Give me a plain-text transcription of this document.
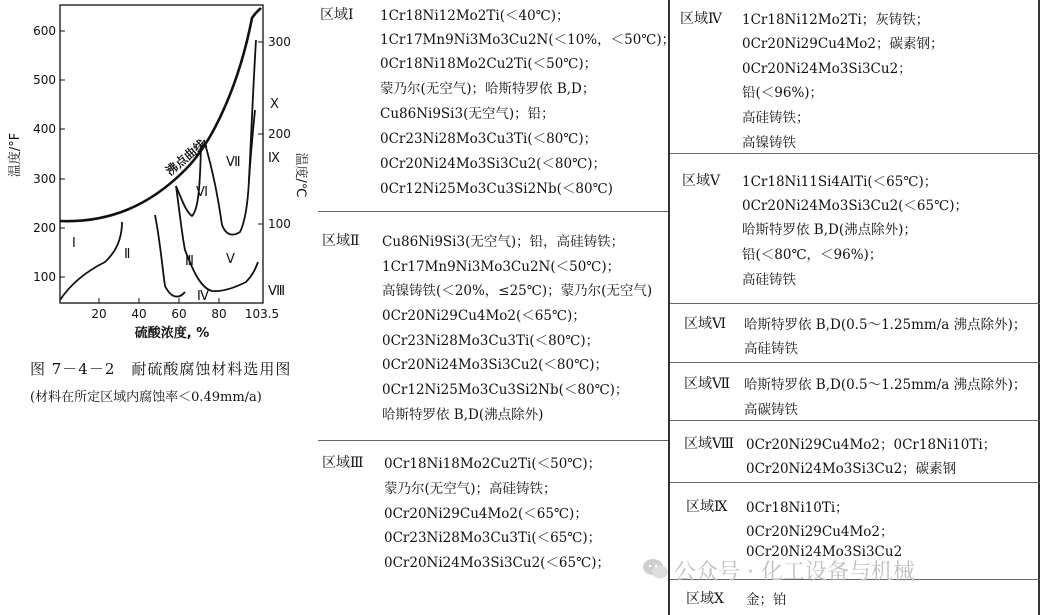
600
500
400
300
200
100
温度/°F
300
200
100
温度/℃
20 40 60 80 103.5
硫酸浓度, %
沸点曲线
Ⅰ
Ⅱ	Ⅲ
Ⅳ
Ⅴ
Ⅵ
Ⅶ
Ⅷ
Ⅸ
Ⅹ
图 7－4－2　耐硫酸腐蚀材料选用图
(材料在所定区域内腐蚀率＜0.49mm/a)
区域Ⅰ 1Cr18Ni12Mo2Ti(＜40℃)；
1Cr17Mn9Ni3Mo3Cu2N(＜10%，＜50℃)；
0Cr18Ni18Mo2Cu2Ti(＜50℃)；
蒙乃尔(无空气)；哈斯特罗依 B,D；
Cu86Ni9Si3(无空气)；铅；
0Cr23Ni28Mo3Cu3Ti(＜80℃)；
0Cr20Ni24Mo3Si3Cu2(＜80℃)；
0Cr12Ni25Mo3Cu3Si2Nb(＜80℃)
区域Ⅱ Cu86Ni9Si3(无空气)；铅，高硅铸铁；
1Cr17Mn9Ni3Mo3Cu2N(＜50℃)；
高镍铸铁(＜20%，≤25℃)；蒙乃尔(无空气)
0Cr20Ni29Cu4Mo2(＜65℃)；
0Cr23Ni28Mo3Cu3Ti(＜80℃)；
0Cr20Ni24Mo3Si3Cu2(＜80℃)；
0Cr12Ni25Mo3Cu3Si2Nb(＜80℃)；
哈斯特罗依 B,D(沸点除外)
区域Ⅲ 0Cr18Ni18Mo2Cu2Ti(＜50℃)；
蒙乃尔(无空气)；高硅铸铁；
0Cr20Ni29Cu4Mo2(＜65℃)；
0Cr23Ni28Mo3Cu3Ti(＜65℃)；
0Cr20Ni24Mo3Si3Cu2(＜65℃)；
区域Ⅳ 1Cr18Ni12Mo2Ti；灰铸铁；
0Cr20Ni29Cu4Mo2；碳素钢；
0Cr20Ni24Mo3Si3Cu2；
铅(＜96%)；
高硅铸铁；
高镍铸铁
区域Ⅴ 1Cr18Ni11Si4AlTi(＜65℃)；
0Cr20Ni24Mo3Si3Cu2(＜65℃)；
哈斯特罗依 B,D(沸点除外)；
铅(＜80℃，＜96%)；
高硅铸铁
区域Ⅵ 哈斯特罗依 B,D(0.5～1.25mm/a 沸点除外)；
高硅铸铁
区域Ⅶ 哈斯特罗依 B,D(0.5～1.25mm/a 沸点除外)；
高碳铸铁
区域Ⅷ 0Cr20Ni29Cu4Mo2；0Cr18Ni10Ti；
0Cr20Ni24Mo3Si3Cu2；碳素钢
区域Ⅸ 0Cr18Ni10Ti；
0Cr20Ni29Cu4Mo2；
0Cr20Ni24Mo3Si3Cu2
区域Ⅹ 金；铂
公众号 · 化工设备与机械
